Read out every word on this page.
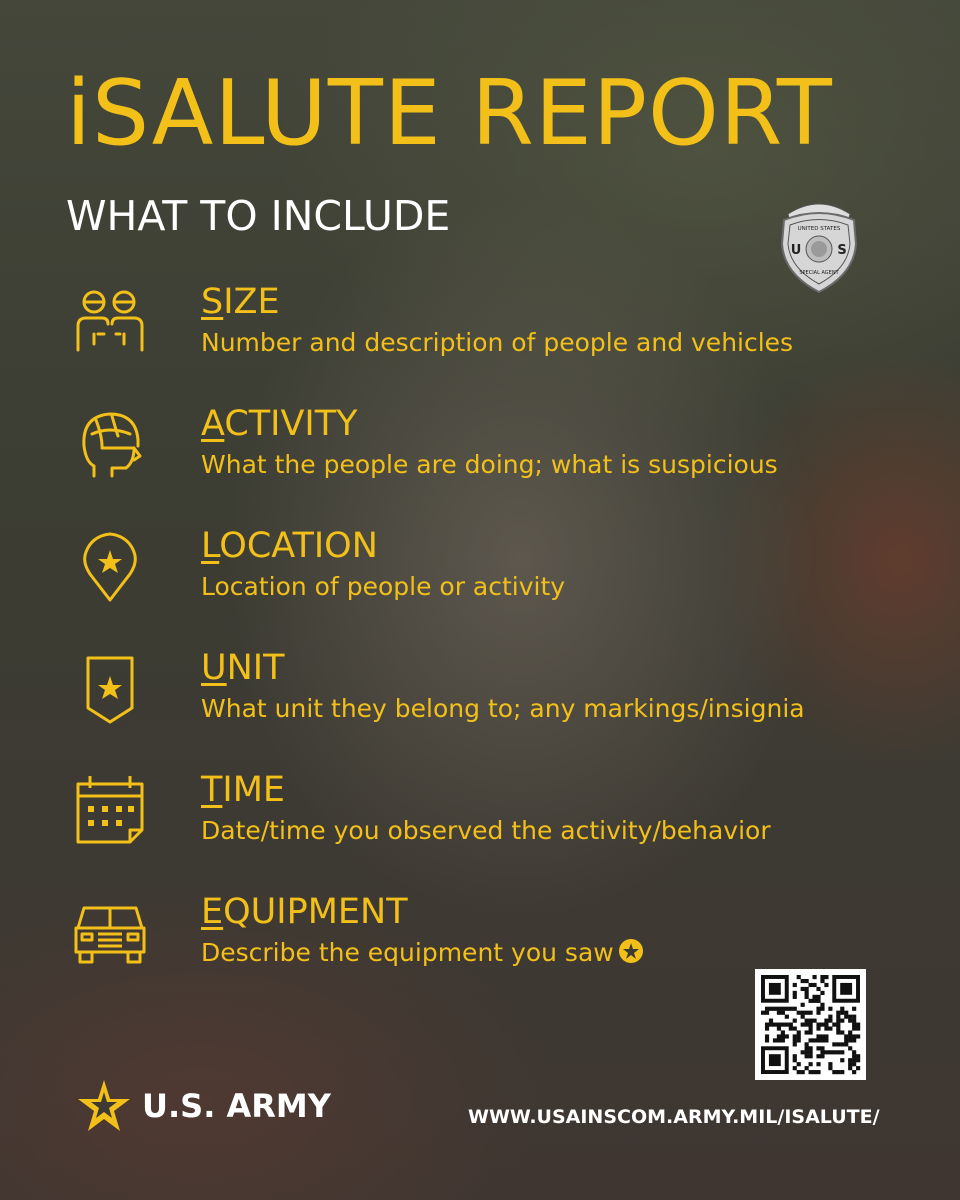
iSALUTE REPORT
WHAT TO INCLUDE	UNITED STATES
U	S
SPECIAL AGENT
SIZE
Number and description of people and vehicles
ACTIVITY
What the people are doing; what is suspicious
LOCATION
Location of people or activity
UNIT
What unit they belong to; any markings/insignia
TIME
Date/time you observed the activity/behavior
EQUIPMENT
Describe the equipment you saw
U.S. ARMY	WWW.USAINSCOM.ARMY.MIL/ISALUTE/
